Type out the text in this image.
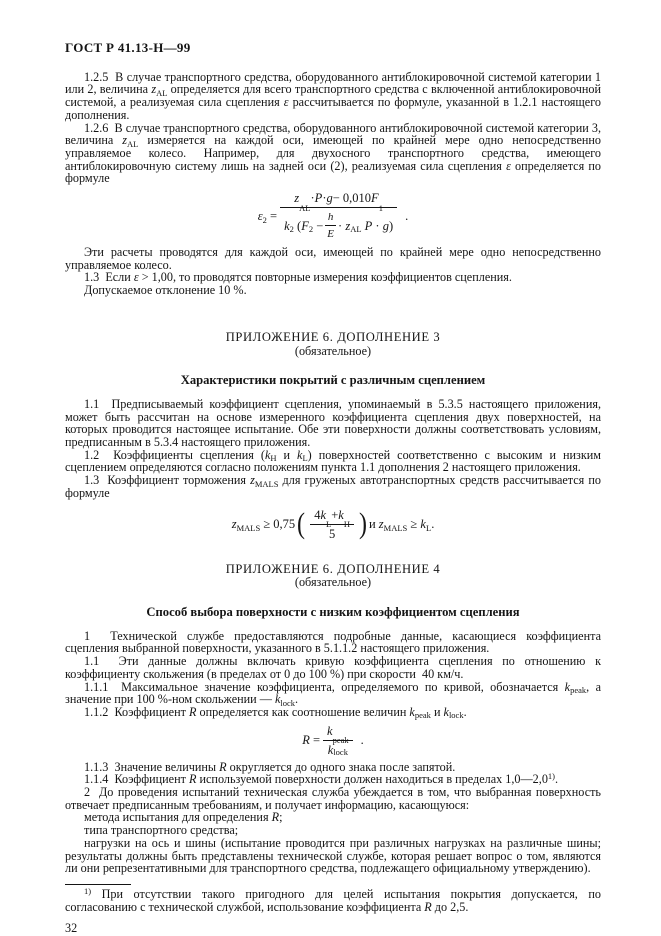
ГОСТ Р 41.13-Н—99

1.2.5  В случае транспортного средства, оборудованного антиблокировочной системой категории 1 или 2, величина $z_{AL}$ определяется для всего транспортного средства с включенной антиблокировочной системой, а реализуемая сила сцепления ε рассчитывается по формуле, указанной в 1.2.1 настоящего дополнения.

1.2.6  В случае транспортного средства, оборудованного антиблокировочной системой категории 3, величина $z_{AL}$ измеряется на каждой оси, имеющей по крайней мере одно непосредственно управляемое колесо. Например, для двухосного транспортного средства, имеющего антиблокировочную систему лишь на задней оси (2), реализуемая сила сцепления ε определяется по формуле

$\varepsilon_2$ =
z
$_{AL}$
· P · g − 0,010 F
$_1$
$k_2$ ($F_2 - \frac{h}{E} \cdot z_{AL}$ P · g)
.

Эти расчеты проводятся для каждой оси, имеющей по крайней мере одно непосредственно управляемое колесо.

1.3  Если ε > 1,00, то проводятся повторные измерения коэффициентов сцепления.

Допускаемое отклонение 10 %.

ПРИЛОЖЕНИЕ 6. ДОПОЛНЕНИЕ 3
(обязательное)
Характеристики покрытий с различным сцеплением

1.1  Предписываемый коэффициент сцепления, упоминаемый в 5.3.5 настоящего приложения, может быть рассчитан на основе измеренного коэффициента сцепления двух поверхностей, на которых проводится настоящее испытание. Обе эти поверхности должны соответствовать условиям, предписанным в 5.3.4 настоящего приложения.

1.2  Коэффициенты сцепления ($k_H$ и $k_L$) поверхностей соответственно с высоким и низким сцеплением определяются согласно положениям пункта 1.1 дополнения 2 настоящего приложения.

1.3  Коэффициент торможения $z_{MALS}$ для груженых автотранспортных средств рассчитывается по формуле

$z_{MALS} \ge 0,75$ ( 4 k
$_L$
+ k
$_H$
5 ) и $z_{MALS} \ge k_L$.
ПРИЛОЖЕНИЕ 6. ДОПОЛНЕНИЕ 4
(обязательное)
Способ выбора поверхности с низким коэффициентом сцепления

1  Технической службе предоставляются подробные данные, касающиеся коэффициента сцепления выбранной поверхности, указанного в 5.1.1.2 настоящего приложения.

1.1  Эти данные должны включать кривую коэффициента сцепления по отношению к коэффициенту скольжения (в пределах от 0 до 100 %) при скорости  40 км/ч.

1.1.1  Максимальное значение коэффициента, определяемого по кривой, обозначается $k_{peak}$, а значение при 100 %-ном скольжении — $k_{lock}$.

1.1.2  Коэффициент R определяется как соотношение величин $k_{peak}$ и $k_{lock}$.

R = k
$_{peak}$
$k_{lock}$ .

1.1.3  Значение величины R округляется до одного знака после запятой.

1.1.4  Коэффициент R используемой поверхности должен находиться в пределах 1,0—2,0$^{1)}$.

2  До проведения испытаний техническая служба убеждается в том, что выбранная поверхность отвечает предписанным требованиям, и получает информацию, касающуюся:

метода испытания для определения R;

типа транспортного средства;

нагрузки на ось и шины (испытание проводится при различных нагрузках на различные шины; результаты должны быть представлены технической службе, которая решает вопрос о том, являются ли они репрезентативными для транспортного средства, подлежащего официальному утверждению).

$^{1)}$ При отсутствии такого пригодного для целей испытания покрытия допускается, по согласованию с технической службой, использование коэффициента R до 2,5.

32
